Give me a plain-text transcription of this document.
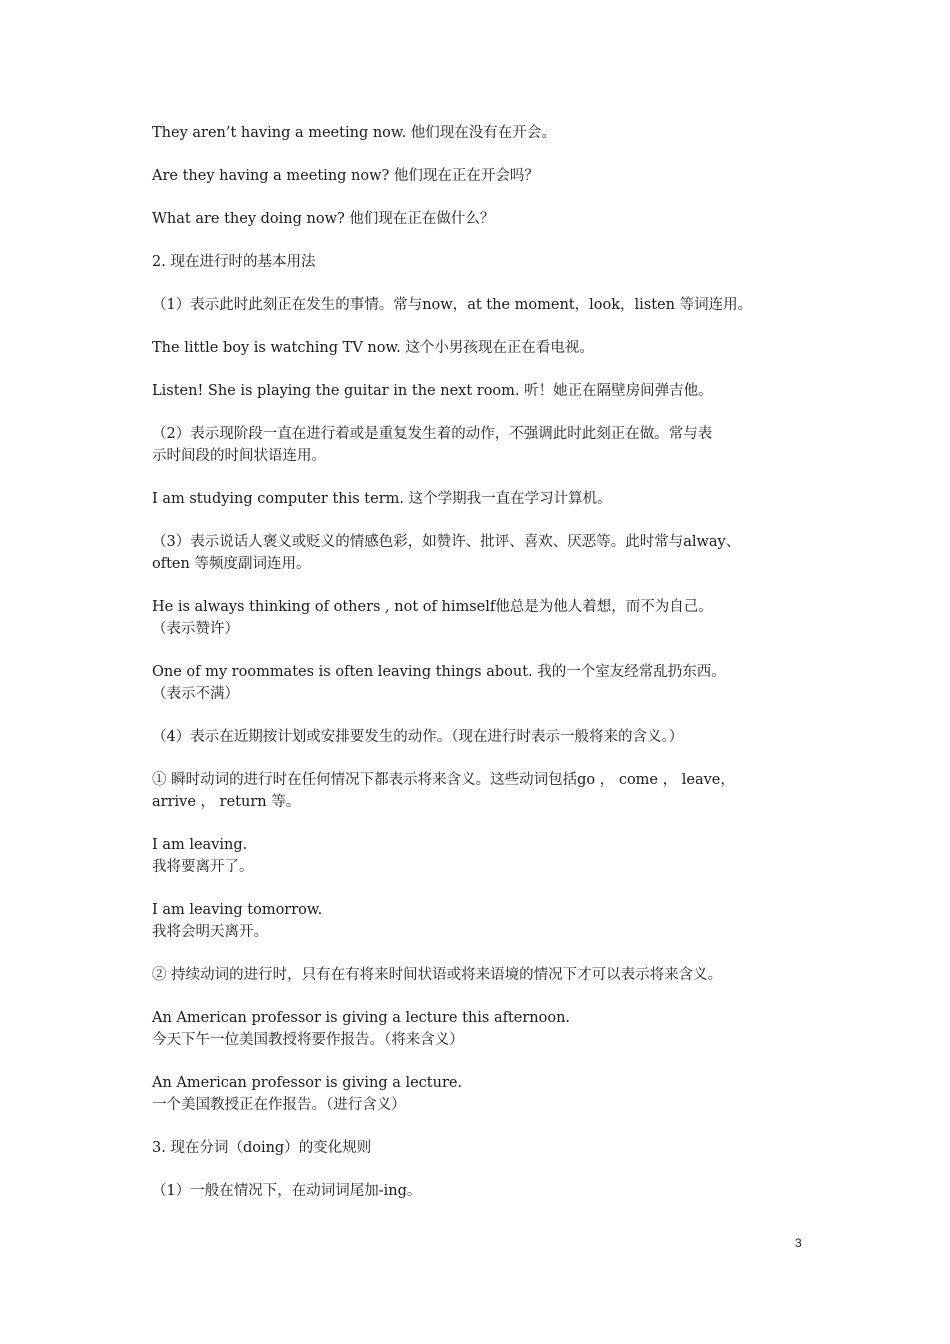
They aren’t having a meeting now. 他们现在没有在开会。
Are they having a meeting now? 他们现在正在开会吗？
What are they doing now? 他们现在正在做什么？
2. 现在进行时的基本用法
（1）表示此时此刻正在发生的事情。常与now，at the moment，look，listen 等词连用。
The little boy is watching TV now. 这个小男孩现在正在看电视。
Listen! She is playing the guitar in the next room. 听！她正在隔壁房间弹吉他。
（2）表示现阶段一直在进行着或是重复发生着的动作，不强调此时此刻正在做。常与表
示时间段的时间状语连用。
I am studying computer this term. 这个学期我一直在学习计算机。
（3）表示说话人褒义或贬义的情感色彩，如赞许、批评、喜欢、厌恶等。此时常与alway、
often 等频度副词连用。
He is always thinking of others , not of himself他总是为他人着想，而不为自己。
（表示赞许）
One of my roommates is often leaving things about. 我的一个室友经常乱扔东西。
（表示不满）
（4）表示在近期按计划或安排要发生的动作。（现在进行时表示一般将来的含义。）
① 瞬时动词的进行时在任何情况下都表示将来含义。这些动词包括go ， come ， leave，
arrive ， return 等。
I am leaving.
我将要离开了。
I am leaving tomorrow.
我将会明天离开。
② 持续动词的进行时，只有在有将来时间状语或将来语境的情况下才可以表示将来含义。
An American professor is giving a lecture this afternoon.
今天下午一位美国教授将要作报告。（将来含义）
An American professor is giving a lecture.
一个美国教授正在作报告。（进行含义）
3. 现在分词（doing）的变化规则
（1）一般在情况下，在动词词尾加-ing。
3
